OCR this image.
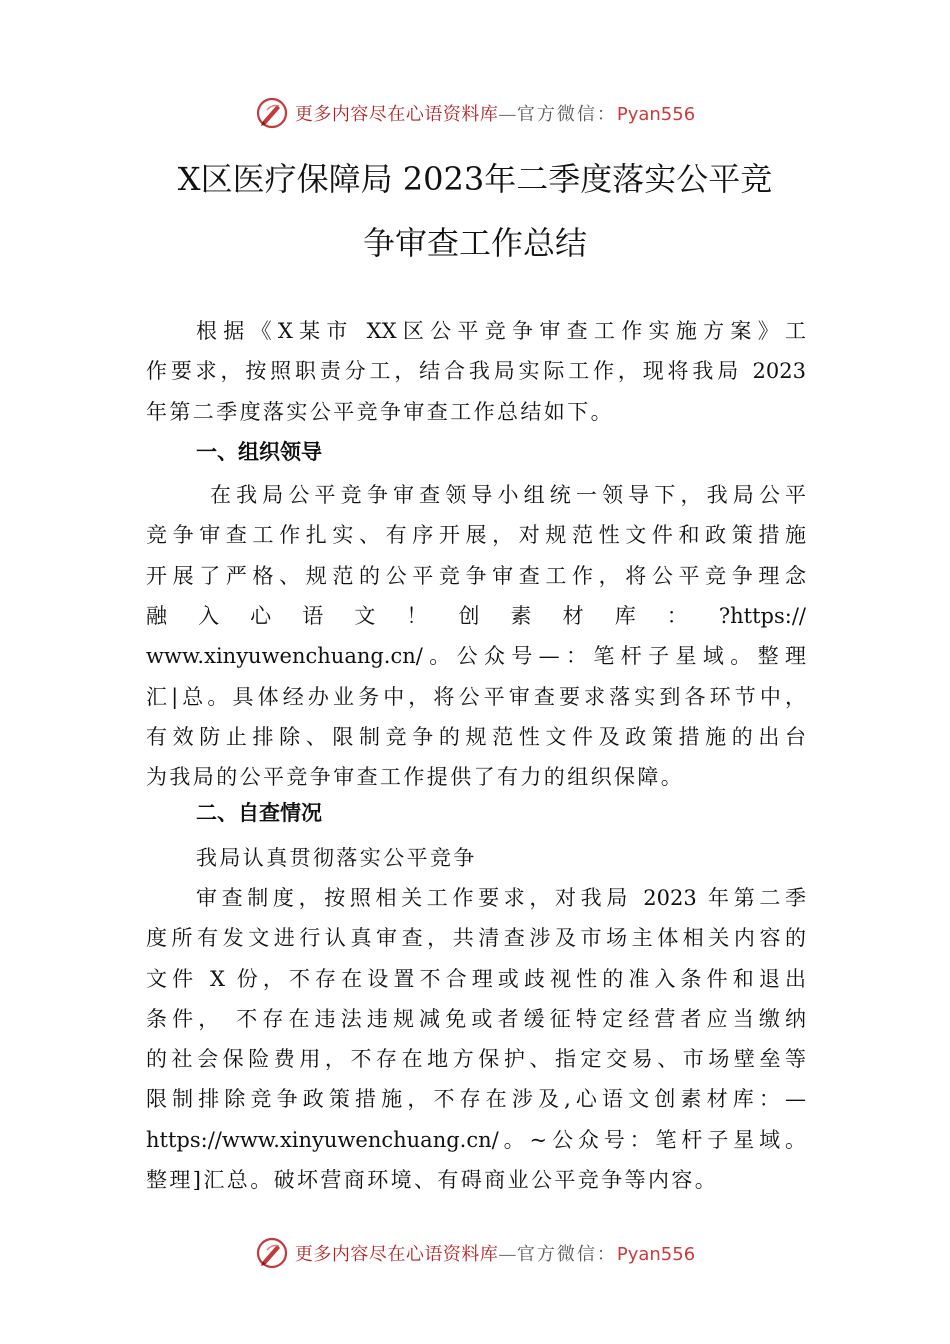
更多内容尽在心语资料库—官方微信：Pyan556
X区医疗保障局 2023年二季度落实公平竞
争审查工作总结
根据《X某市 XX区公平竞争审查工作实施方案》工
作要求，按照职责分工，结合我局实际工作，现将我局 2023
年第二季度落实公平竞争审查工作总结如下。
一、组织领导
在我局公平竞争审查领导小组统一领导下，我局公平
竞争审查工作扎实、有序开展，对规范性文件和政策措施
开展了严格、规范的公平竞争审查工作，将公平竞争理念
融 入 心 语 文 ！ 创 素 材 库 ： ?https://
www.xinyuwenchuang.cn/。公众号—：笔杆子星域。整理
汇|总。具体经办业务中，将公平审查要求落实到各环节中，
有效防止排除、限制竞争的规范性文件及政策措施的出台
为我局的公平竞争审查工作提供了有力的组织保障。
二、自查情况
我局认真贯彻落实公平竞争
审查制度，按照相关工作要求，对我局 2023 年第二季
度所有发文进行认真审查，共清查涉及市场主体相关内容的
文件 X 份，不存在设置不合理或歧视性的准入条件和退出
条件， 不存在违法违规减免或者缓征特定经营者应当缴纳
的社会保险费用，不存在地方保护、指定交易、市场壁垒等
限制排除竞争政策措施，不存在涉及,心语文创素材库：—
https://www.xinyuwenchuang.cn/。~公众号：笔杆子星域。
整理]汇总。破坏营商环境、有碍商业公平竞争等内容。
更多内容尽在心语资料库—官方微信：Pyan556
